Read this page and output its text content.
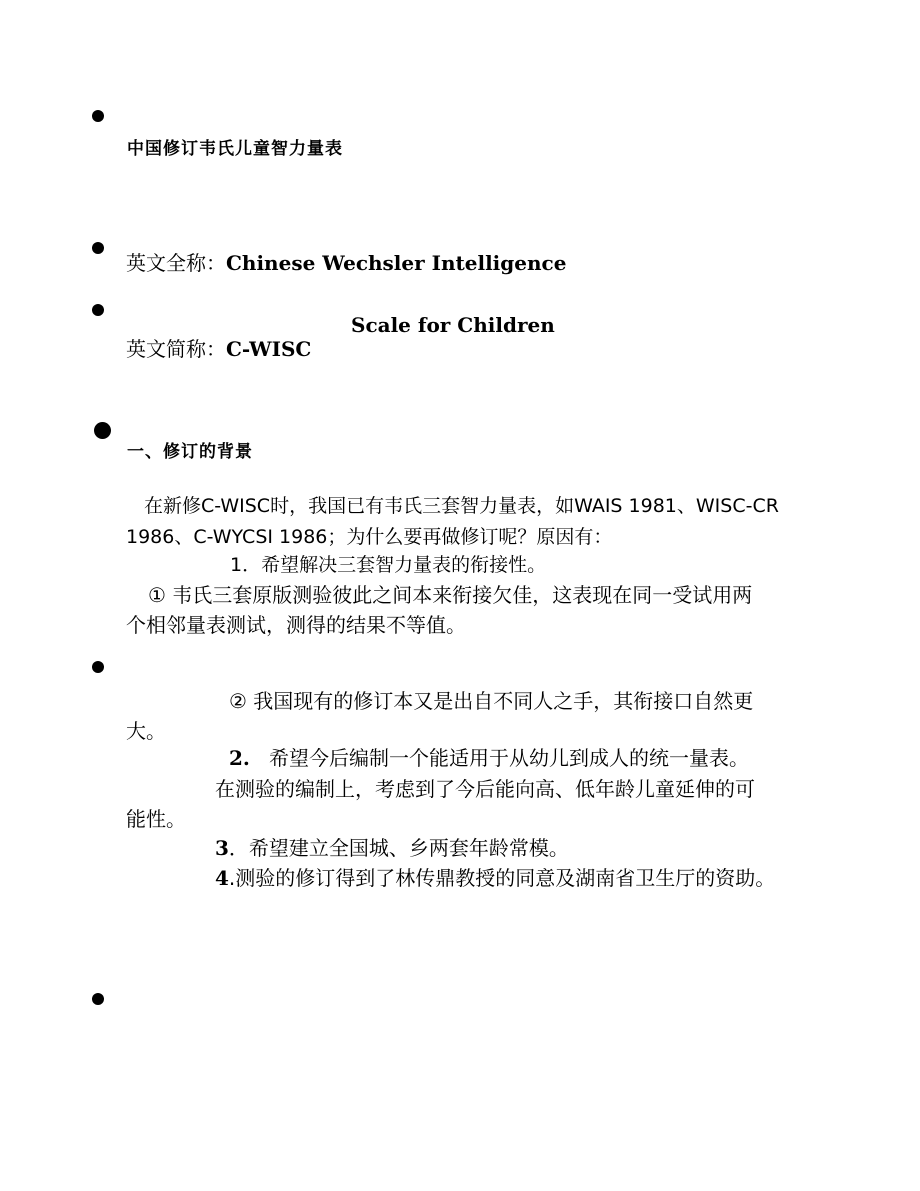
中国修订韦氏儿童智力量表
英文全称：Chinese Wechsler Intelligence
Scale for Children
英文简称：C-WISC
一、修订的背景
在新修C-WISC时，我国已有韦氏三套智力量表，如WAIS 1981、WISC-CR
1986、C-WYCSI 1986；为什么要再做修订呢？原因有：
1．希望解决三套智力量表的衔接性。
① 韦氏三套原版测验彼此之间本来衔接欠佳，这表现在同一受试用两
个相邻量表测试，测得的结果不等值。
② 我国现有的修订本又是出自不同人之手，其衔接口自然更
大。
2. 希望今后编制一个能适用于从幼儿到成人的统一量表。
在测验的编制上，考虑到了今后能向高、低年龄儿童延伸的可
能性。
3．希望建立全国城、乡两套年龄常模。
4.测验的修订得到了林传鼎教授的同意及湖南省卫生厅的资助。
